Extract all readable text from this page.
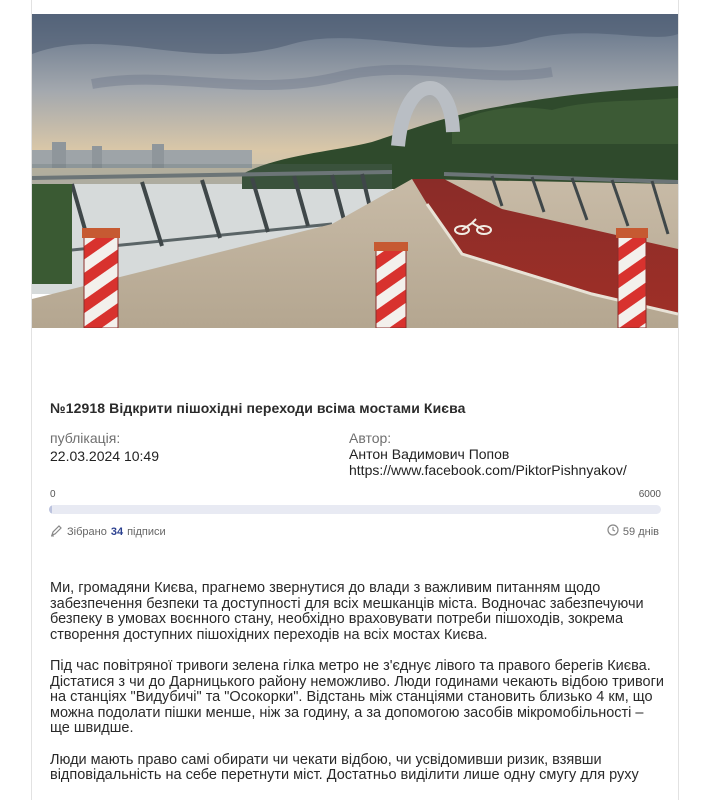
№12918 Відкрити пішохідні переходи всіма мостами Києва
публікація:
22.03.2024 10:49
Автор:
Антон Вадимович Попов
https://www.facebook.com/PiktorPishnyakov/
0	6000
Зібрано 34 підписи	59 днів

Ми, громадяни Києва, прагнемо звернутися до влади з важливим питанням щодо забезпечення безпеки та доступності для всіх мешканців міста. Водночас забезпечуючи безпеку в умовах воєнного стану, необхідно враховувати потреби пішоходів, зокрема створення доступних пішохідних переходів на всіх мостах Києва.

Під час повітряної тривоги зелена гілка метро не з'єднує лівого та правого берегів Києва. Дістатися з чи до Дарницького району неможливо. Люди годинами чекають відбою тривоги на станціях "Видубичі" та "Осокорки". Відстань між станціями становить близько 4 км, що можна подолати пішки менше, ніж за годину, а за допомогою засобів мікромобільності – ще швидше.

Люди мають право самі обирати чи чекати відбою, чи усвідомивши ризик, взявши відповідальність на себе перетнути міст. Достатньо виділити лише одну смугу для руху
